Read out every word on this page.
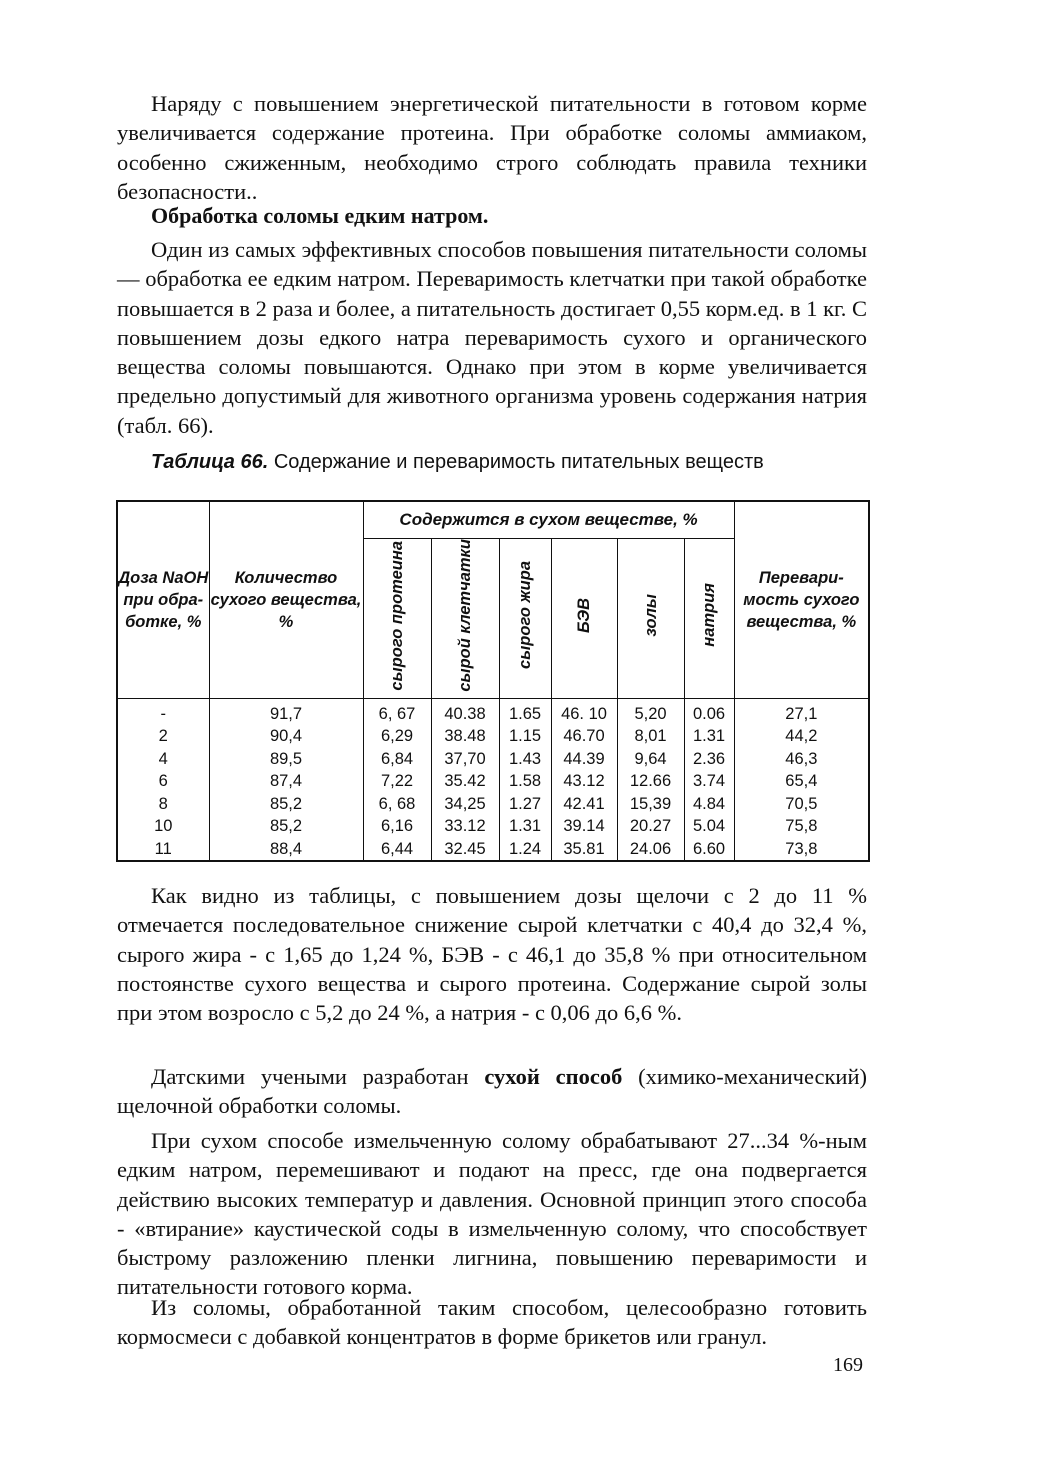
Наряду с повышением энергетической питательности в готовом корме увеличивается содержание протеина. При обработке соломы аммиаком, особенно сжиженным, необходимо строго соблюдать правила техники безопасности..

Обработка соломы едким натром.

Один из самых эффективных способов повышения питательности соломы — обработка ее едким натром. Переваримость клетчатки при такой обработке повышается в 2 раза и более, а питательность достигает 0,55 корм.ед. в 1 кг. С повышением дозы едкого натра переваримость сухого и органического вещества соломы повышаются. Однако при этом в корме увеличивается предельно допустимый для животного организма уровень содержания натрия (табл. 66).

Таблица 66. Содержание и переваримость питательных веществ

Доза NaOH при обра-ботке, %	Количество сухого вещества, %	Содержится в сухом веществе, %						Перевари-мость сухого вещества, %
		сырого протеина	сырой клетчатки	сырого жира	БЭВ	золы	натрия	
-	91,7	6, 67	40.38	1.65	46. 10	5,20	0.06	27,1
2	90,4	6,29	38.48	1.15	46.70	8,01	1.31	44,2
4	89,5	6,84	37,70	1.43	44.39	9,64	2.36	46,3
6	87,4	7,22	35.42	1.58	43.12	12.66	3.74	65,4
8	85,2	6, 68	34,25	1.27	42.41	15,39	4.84	70,5
10	85,2	6,16	33.12	1.31	39.14	20.27	5.04	75,8
11	88,4	6,44	32.45	1.24	35.81	24.06	6.60	73,8

Как видно из таблицы, с повышением дозы щелочи с 2 до 11 % отмечается последовательное снижение сырой клетчатки с 40,4 до 32,4 %, сырого жира - с 1,65 до 1,24 %, БЭВ - с 46,1 до 35,8 % при относительном постоянстве сухого вещества и сырого протеина. Содержание сырой золы при этом возросло с 5,2 до 24 %, а натрия - с 0,06 до 6,6 %.

Датскими учеными разработан сухой способ (химико-механический) щелочной обработки соломы.

При сухом способе измельченную солому обрабатывают 27...34 %-ным едким натром, перемешивают и подают на пресс, где она подвергается действию высоких температур и давления. Основной принцип этого способа - «втирание» каустической соды в измельченную солому, что способствует быстрому разложению пленки лигнина, повышению переваримости и питательности готового корма.

Из соломы, обработанной таким способом, целесообразно готовить кормосмеси с добавкой концентратов в форме брикетов или гранул.

169
